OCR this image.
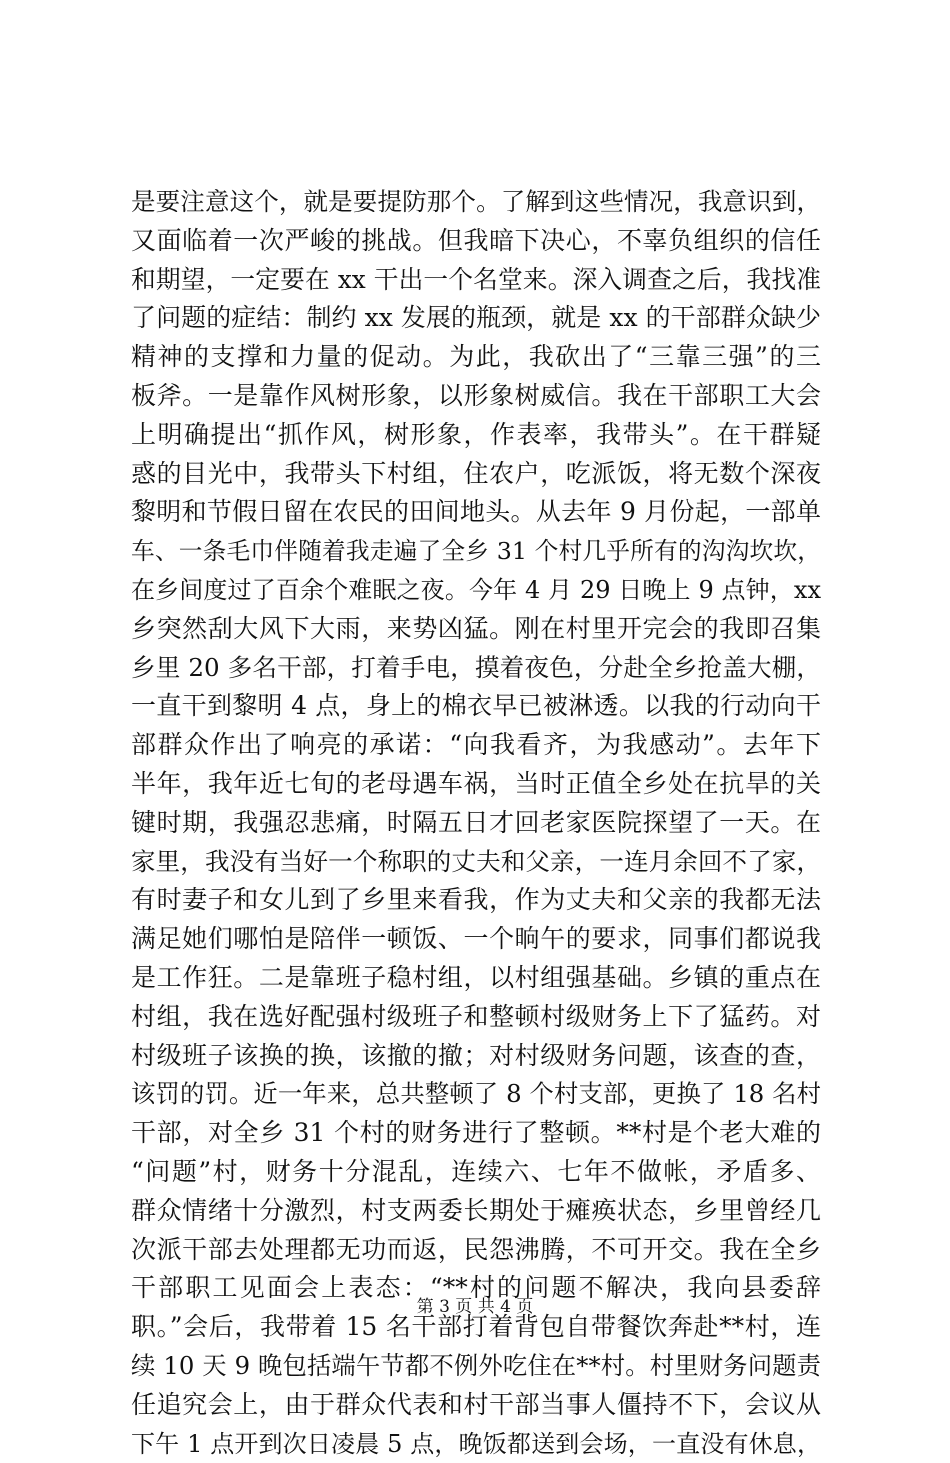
是要注意这个，就是要提防那个。了解到这些情况，我意识到，
又面临着一次严峻的挑战。但我暗下决心，不辜负组织的信任
和期望，一定要在 xx 干出一个名堂来。深入调查之后，我找准
了问题的症结：制约 xx 发展的瓶颈，就是 xx 的干部群众缺少
精神的支撑和力量的促动。为此，我砍出了“三靠三强”的三
板斧。一是靠作风树形象，以形象树威信。我在干部职工大会
上明确提出“抓作风，树形象，作表率，我带头”。在干群疑
惑的目光中，我带头下村组，住农户，吃派饭，将无数个深夜
黎明和节假日留在农民的田间地头。从去年 9 月份起，一部单
车、一条毛巾伴随着我走遍了全乡 31 个村几乎所有的沟沟坎坎，
在乡间度过了百余个难眠之夜。今年 4 月 29 日晚上 9 点钟，xx
乡突然刮大风下大雨，来势凶猛。刚在村里开完会的我即召集
乡里 20 多名干部，打着手电，摸着夜色，分赴全乡抢盖大棚，
一直干到黎明 4 点，身上的棉衣早已被淋透。以我的行动向干
部群众作出了响亮的承诺：“向我看齐，为我感动”。去年下
半年，我年近七旬的老母遇车祸，当时正值全乡处在抗旱的关
键时期，我强忍悲痛，时隔五日才回老家医院探望了一天。在
家里，我没有当好一个称职的丈夫和父亲，一连月余回不了家，
有时妻子和女儿到了乡里来看我，作为丈夫和父亲的我都无法
满足她们哪怕是陪伴一顿饭、一个晌午的要求，同事们都说我
是工作狂。二是靠班子稳村组，以村组强基础。乡镇的重点在
村组，我在选好配强村级班子和整顿村级财务上下了猛药。对
村级班子该换的换，该撤的撤；对村级财务问题，该查的查，
该罚的罚。近一年来，总共整顿了 8 个村支部，更换了 18 名村
干部，对全乡 31 个村的财务进行了整顿。**村是个老大难的
“问题”村，财务十分混乱，连续六、七年不做帐，矛盾多、
群众情绪十分激烈，村支两委长期处于瘫痪状态，乡里曾经几
次派干部去处理都无功而返，民怨沸腾，不可开交。我在全乡
干部职工见面会上表态：“**村的问题不解决，我向县委辞
职。”会后，我带着 15 名干部打着背包自带餐饮奔赴**村，连
续 10 天 9 晚包括端午节都不例外吃住在**村。村里财务问题责
任追究会上，由于群众代表和村干部当事人僵持不下，会议从
下午 1 点开到次日凌晨 5 点，晚饭都送到会场，一直没有休息，
第 3 页 共 4 页
